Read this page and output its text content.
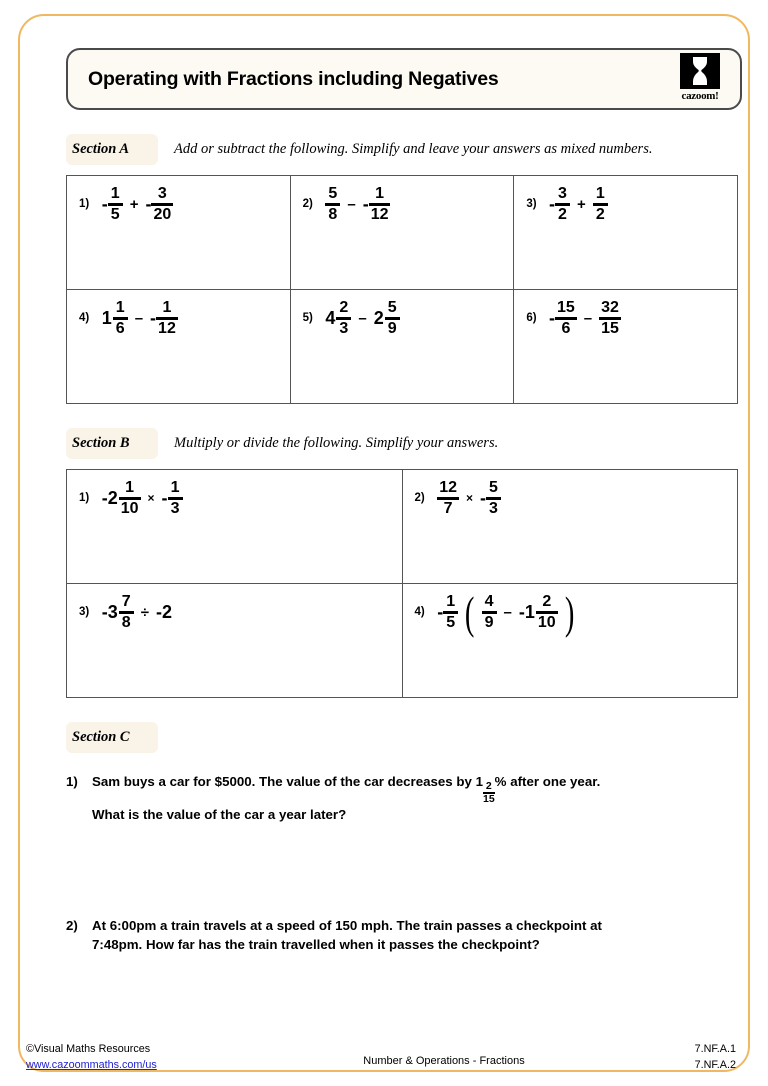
Operating with Fractions including Negatives
cazoom!
Section A	Add or subtract the following. Simplify and leave your answers as mixed numbers.
$1) - \frac{1}{5}$ + - $\frac{3}{20}$	$2) \frac{5}{8}$ – - $\frac{1}{12}$	$3) - \frac{3}{2} + \frac{1}{2}$

4) $1 \frac{1}{6}$ – - $\frac{1}{12}$	5) $4 \frac{2}{3} - 2 \frac{5}{9}$	$6) - \frac{15}{6} - \frac{32}{15}$
Section B	Multiply or divide the following. Simplify your answers.
$1) - 2 \frac{1}{10}$ × - $\frac{1}{3}$	$2) \frac{12}{7}$ × - $\frac{5}{3}$

$3) - 3 \frac{7}{8}$ ÷ - 2	$4) - \frac{1}{5}$ ( $\frac{4}{9}$ – - $1 \frac{2}{10}$ )
Section C
1)	Sam buys a car for $5000. The value of the car decreases by $1 \frac{2}{15}$ % after one year.
What is the value of the car a year later?
2)	At 6:00pm a train travels at a speed of 150 mph. The train passes a checkpoint at
7:48pm. How far has the train travelled when it passes the checkpoint?
©Visual Maths Resources
www.cazoommaths.com/us	Number & Operations - Fractions
7.NF.A.1
7.NF.A.2
